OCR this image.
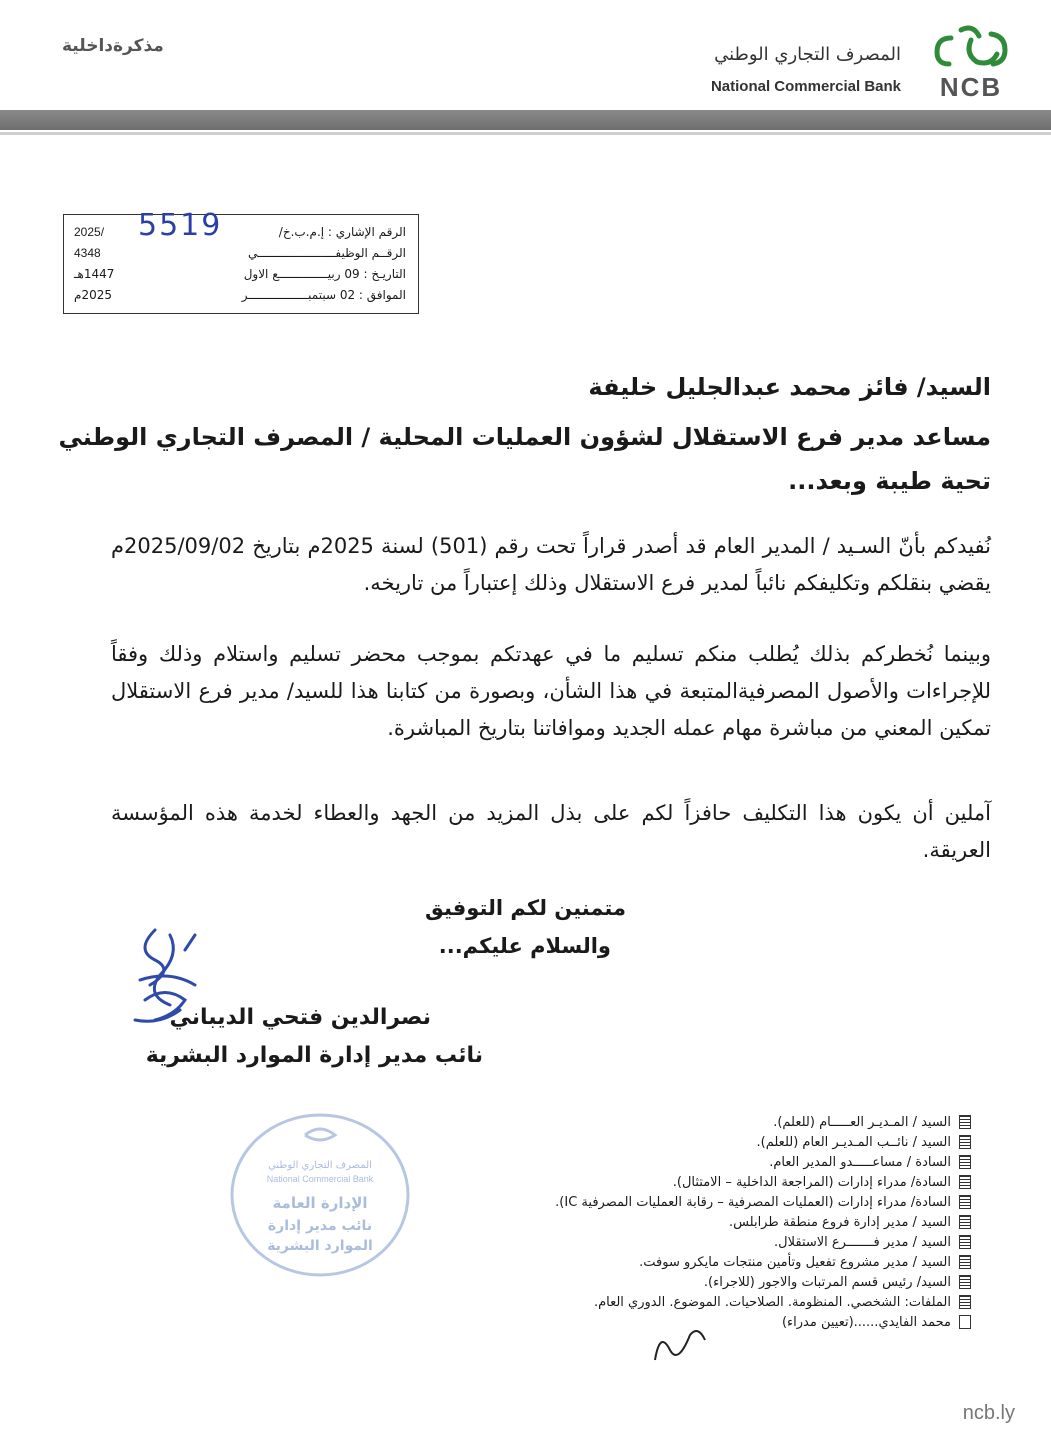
مذكرةداخلية	المصرف التجاري الوطني
National Commercial Bank NCB
الرقم الإشاري : إ.م.ب.خ/
2025/
الرقــم الوظيفــــــــــــــــــــــي
4348
التاريـخ : 09 ربيــــــــــــــع الاول
1447هـ
الموافق : 02 سبتمبـــــــــــــــــر
2025م
5519
السيد/ فائز محمد عبدالجليل خليفة
مساعد مدير فرع الاستقلال لشؤون العمليات المحلية / المصرف التجاري الوطني
تحية طيبة وبعد...
نُفيدكم بأنّ السـيد / المدير العام قد أصدر قراراً تحت رقم (501) لسنة 2025م بتاريخ 2025/09/02م يقضي بنقلكم وتكليفكم نائباً لمدير فرع الاستقلال وذلك إعتباراً من تاريخه.
وبينما نُخطركم بذلك يُطلب منكم تسليم ما في عهدتكم بموجب محضر تسليم واستلام وذلك وفقاً للإجراءات والأصول المصرفيةالمتبعة في هذا الشأن، وبصورة من كتابنا هذا للسيد/ مدير فرع الاستقلال تمكين المعني من مباشرة مهام عمله الجديد وموافاتنا بتاريخ المباشرة.
آملين أن يكون هذا التكليف حافزاً لكم على بذل المزيد من الجهد والعطاء لخدمة هذه المؤسسة العريقة.
متمنين لكم التوفيق
والسلام عليكم...
نصرالدين فتحي الديباني
نائب مدير إدارة الموارد البشرية
المصرف التجاري الوطني
National Commercial Bank
الإدارة العامة
نائب مدير إدارة
الموارد البشرية
السيد / المـديـر العـــــام (للعلم).
السيد / نائــب المـديـر العام (للعلم).
السادة / مساعـــــدو المدير العام.
السادة/ مدراء إدارات (المراجعة الداخلية – الامتثال).
السادة/ مدراء إدارات (العمليات المصرفية – رقابة العمليات المصرفية IC).
السيد / مدير إدارة فروع منطقة طرابلس.
السيد / مدير فـــــــرع الاستقلال.
السيد / مدير مشروع تفعيل وتأمين منتجات مايكرو سوفت.
السيد/ رئيس قسم المرتبات والاجور (للاجراء).
الملفات: الشخصي. المنظومة. الصلاحيات. الموضوع. الدوري العام.
محمد الفايدي......(تعيين مدراء)
ncb.ly
